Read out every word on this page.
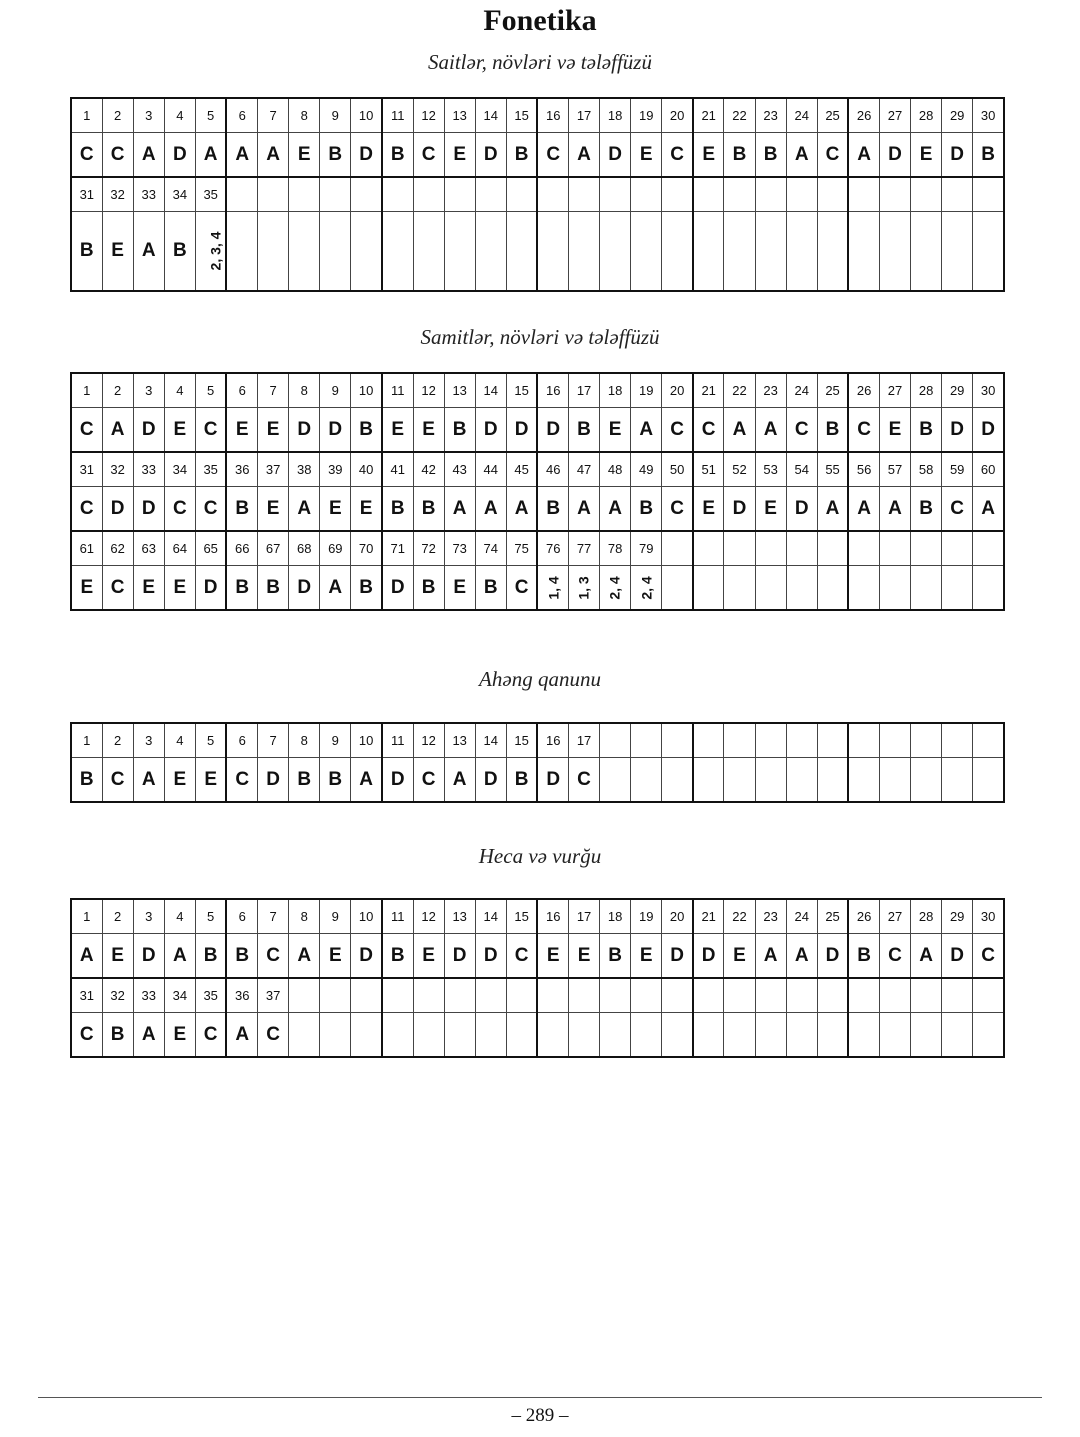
Fonetika
Saitlər, növləri və tələffüzü
1	2	3	4	5	6	7	8	9	10	11	12	13	14	15	16	17	18	19	20	21	22	23	24	25	26	27	28	29	30
C	C	A	D	A	A	A	E	B	D	B	C	E	D	B	C	A	D	E	C	E	B	B	A	C	A	D	E	D	B
31	32	33	34	35																									
B	E	A	B	2, 3, 4																									
Samitlər, növləri və tələffüzü
1	2	3	4	5	6	7	8	9	10	11	12	13	14	15	16	17	18	19	20	21	22	23	24	25	26	27	28	29	30
C	A	D	E	C	E	E	D	D	B	E	E	B	D	D	D	B	E	A	C	C	A	A	C	B	C	E	B	D	D
31	32	33	34	35	36	37	38	39	40	41	42	43	44	45	46	47	48	49	50	51	52	53	54	55	56	57	58	59	60
C	D	D	C	C	B	E	A	E	E	B	B	A	A	A	B	A	A	B	C	E	D	E	D	A	A	A	B	C	A
61	62	63	64	65	66	67	68	69	70	71	72	73	74	75	76	77	78	79											
E	C	E	E	D	B	B	D	A	B	D	B	E	B	C	1, 4	1, 3	2, 4	2, 4											
Ahəng qanunu
1	2	3	4	5	6	7	8	9	10	11	12	13	14	15	16	17													
B	C	A	E	E	C	D	B	B	A	D	C	A	D	B	D	C													
Heca və vurğu
1	2	3	4	5	6	7	8	9	10	11	12	13	14	15	16	17	18	19	20	21	22	23	24	25	26	27	28	29	30
A	E	D	A	B	B	C	A	E	D	B	E	D	D	C	E	E	B	E	D	D	E	A	A	D	B	C	A	D	C
31	32	33	34	35	36	37																							
C	B	A	E	C	A	C																							
– 289 –
